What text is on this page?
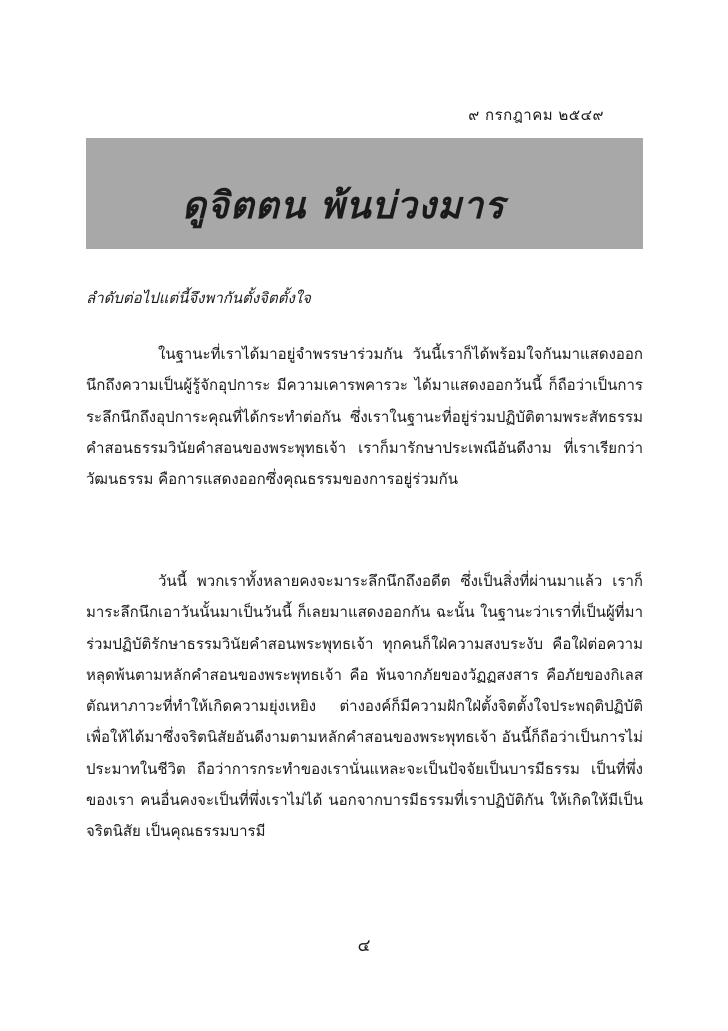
๙ กรกฎาคม ๒๕๔๙
ดูจิตตน พ้นบ่วงมาร
ลำดับต่อไปแต่นี้จึงพากันตั้งจิตตั้งใจ

ในฐานะที่เราได้มาอยู่จำพรรษาร่วมกัน วันนี้เราก็ได้พร้อมใจกันมาแสดงออกนึกถึงความเป็นผู้รู้จักอุปการะ มีความเคารพคารวะ ได้มาแสดงออกวันนี้ ก็ถือว่าเป็นการระลึกนึกถึงอุปการะคุณที่ได้กระทำต่อกัน ซึ่งเราในฐานะที่อยู่ร่วมปฏิบัติตามพระสัทธรรมคำสอนธรรมวินัยคำสอนของพระพุทธเจ้า เราก็มารักษาประเพณีอันดีงาม ที่เราเรียกว่าวัฒนธรรม คือการแสดงออกซึ่งคุณธรรมของการอยู่ร่วมกัน

วันนี้ พวกเราทั้งหลายคงจะมาระลึกนึกถึงอดีต ซึ่งเป็นสิ่งที่ผ่านมาแล้ว เราก็มาระลึกนึกเอาวันนั้นมาเป็นวันนี้ ก็เลยมาแสดงออกกัน ฉะนั้น ในฐานะว่าเราที่เป็นผู้ที่มาร่วมปฏิบัติรักษาธรรมวินัยคำสอนพระพุทธเจ้า ทุกคนก็ใฝ่ความสงบระงับ คือใฝ่ต่อความหลุดพ้นตามหลักคำสอนของพระพุทธเจ้า คือ พ้นจากภัยของวัฏฏสงสาร คือภัยของกิเลสตัณหาภาวะที่ทำให้เกิดความยุ่งเหยิง ต่างองค์ก็มีความฝักใฝ่ตั้งจิตตั้งใจประพฤติปฏิบัติเพื่อให้ได้มาซึ่งจริตนิสัยอันดีงามตามหลักคำสอนของพระพุทธเจ้า อันนี้ก็ถือว่าเป็นการไม่ประมาทในชีวิต ถือว่าการกระทำของเรานั่นแหละจะเป็นปัจจัยเป็นบารมีธรรม เป็นที่พึ่งของเรา คนอื่นคงจะเป็นที่พึ่งเราไม่ได้ นอกจากบารมีธรรมที่เราปฏิบัติกัน ให้เกิดให้มีเป็นจริตนิสัย เป็นคุณธรรมบารมี

๔
